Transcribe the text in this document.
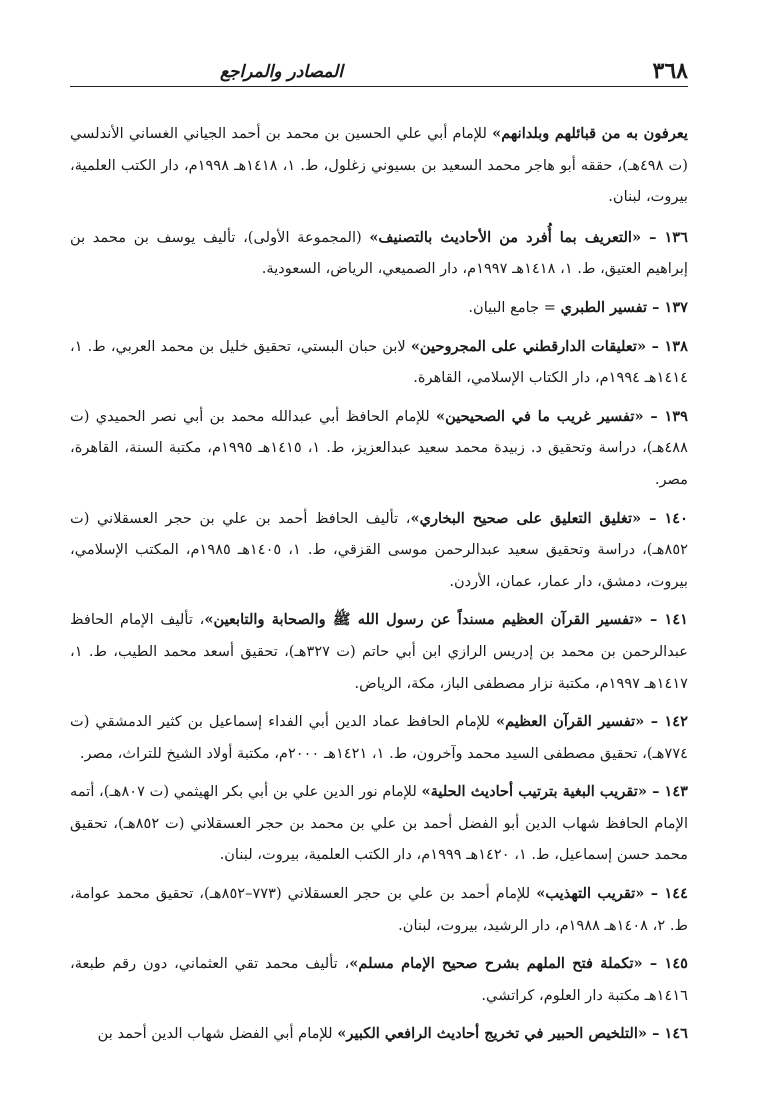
٣٦٨
المصادر والمراجع

يعرفون به من قبائلهم وبلدانهم» للإمام أبي علي الحسين بن محمد بن أحمد الجياني الغساني الأندلسي (ت ٤٩٨هـ)، حققه أبو هاجر محمد السعيد بن بسيوني زغلول، ط. ١، ١٤١٨هـ ١٩٩٨م، دار الكتب العلمية، بيروت، لبنان.

١٣٦ – «التعريف بما أُفرد من الأحاديث بالتصنيف» (المجموعة الأولى)، تأليف يوسف بن محمد بن إبراهيم العتيق، ط. ١، ١٤١٨هـ ١٩٩٧م، دار الصميعي، الرياض، السعودية.

١٣٧ – تفسير الطبري = جامع البيان.

١٣٨ – «تعليقات الدارقطني على المجروحين» لابن حبان البستي، تحقيق خليل بن محمد العربي، ط. ١، ١٤١٤هـ ١٩٩٤م، دار الكتاب الإسلامي، القاهرة.

١٣٩ – «تفسير غريب ما في الصحيحين» للإمام الحافظ أبي عبدالله محمد بن أبي نصر الحميدي (ت ٤٨٨هـ)، دراسة وتحقيق د. زبيدة محمد سعيد عبدالعزيز، ط. ١، ١٤١٥هـ ١٩٩٥م، مكتبة السنة، القاهرة، مصر.

١٤٠ – «تغليق التعليق على صحيح البخاري»، تأليف الحافظ أحمد بن علي بن حجر العسقلاني (ت ٨٥٢هـ)، دراسة وتحقيق سعيد عبدالرحمن موسى القزقي، ط. ١، ١٤٠٥هـ ١٩٨٥م، المكتب الإسلامي، بيروت، دمشق، دار عمار، عمان، الأردن.

١٤١ – «تفسير القرآن العظيم مسنداً عن رسول الله ﷺ والصحابة والتابعين»، تأليف الإمام الحافظ عبدالرحمن بن محمد بن إدريس الرازي ابن أبي حاتم (ت ٣٢٧هـ)، تحقيق أسعد محمد الطيب، ط. ١، ١٤١٧هـ ١٩٩٧م، مكتبة نزار مصطفى الباز، مكة، الرياض.

١٤٢ – «تفسير القرآن العظيم» للإمام الحافظ عماد الدين أبي الفداء إسماعيل بن كثير الدمشقي (ت ٧٧٤هـ)، تحقيق مصطفى السيد محمد وآخرون، ط. ١، ١٤٢١هـ ٢٠٠٠م، مكتبة أولاد الشيخ للتراث، مصر.

١٤٣ – «تقريب البغية بترتيب أحاديث الحلية» للإمام نور الدين علي بن أبي بكر الهيثمي (ت ٨٠٧هـ)، أتمه الإمام الحافظ شهاب الدين أبو الفضل أحمد بن علي بن محمد بن حجر العسقلاني (ت ٨٥٢هـ)، تحقيق محمد حسن إسماعيل، ط. ١، ١٤٢٠هـ ١٩٩٩م، دار الكتب العلمية، بيروت، لبنان.

١٤٤ – «تقريب التهذيب» للإمام أحمد بن علي بن حجر العسقلاني (٧٧٣–٨٥٢هـ)، تحقيق محمد عوامة، ط. ٢، ١٤٠٨هـ ١٩٨٨م، دار الرشيد، بيروت، لبنان.

١٤٥ – «تكملة فتح الملهم بشرح صحيح الإمام مسلم»، تأليف محمد تقي العثماني، دون رقم طبعة، ١٤١٦هـ مكتبة دار العلوم، كراتشي.

١٤٦ – «التلخيص الحبير في تخريج أحاديث الرافعي الكبير» للإمام أبي الفضل شهاب الدين أحمد بن
